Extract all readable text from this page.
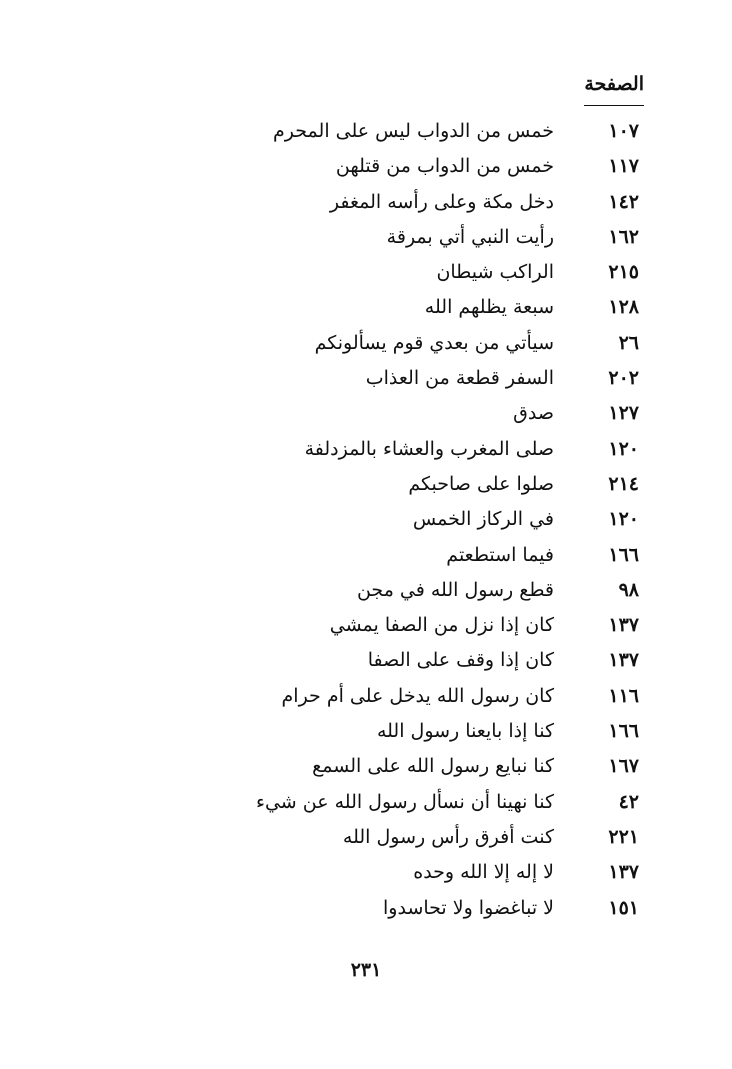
الصفحة
١٠٧
خمس من الدواب ليس على المحرم
١١٧
خمس من الدواب من قتلهن
١٤٢
دخل مكة وعلى رأسه المغفر
١٦٢
رأيت النبي أتي بمرقة
٢١٥
الراكب شيطان
١٢٨
سبعة يظلهم الله
٢٦
سيأتي من بعدي قوم يسألونكم
٢٠٢
السفر قطعة من العذاب
١٢٧
صدق
١٢٠
صلى المغرب والعشاء بالمزدلفة
٢١٤
صلوا على صاحبكم
١٢٠
في الركاز الخمس
١٦٦
فيما استطعتم
٩٨
قطع رسول الله في مجن
١٣٧
كان إذا نزل من الصفا يمشي
١٣٧
كان إذا وقف على الصفا
١١٦
كان رسول الله يدخل على أم حرام
١٦٦
كنا إذا بايعنا رسول الله
١٦٧
كنا نبايع رسول الله على السمع
٤٢
كنا نهينا أن نسأل رسول الله عن شيء
٢٢١
كنت أفرق رأس رسول الله
١٣٧
لا إله إلا الله وحده
١٥١
لا تباغضوا ولا تحاسدوا
٢٣١
